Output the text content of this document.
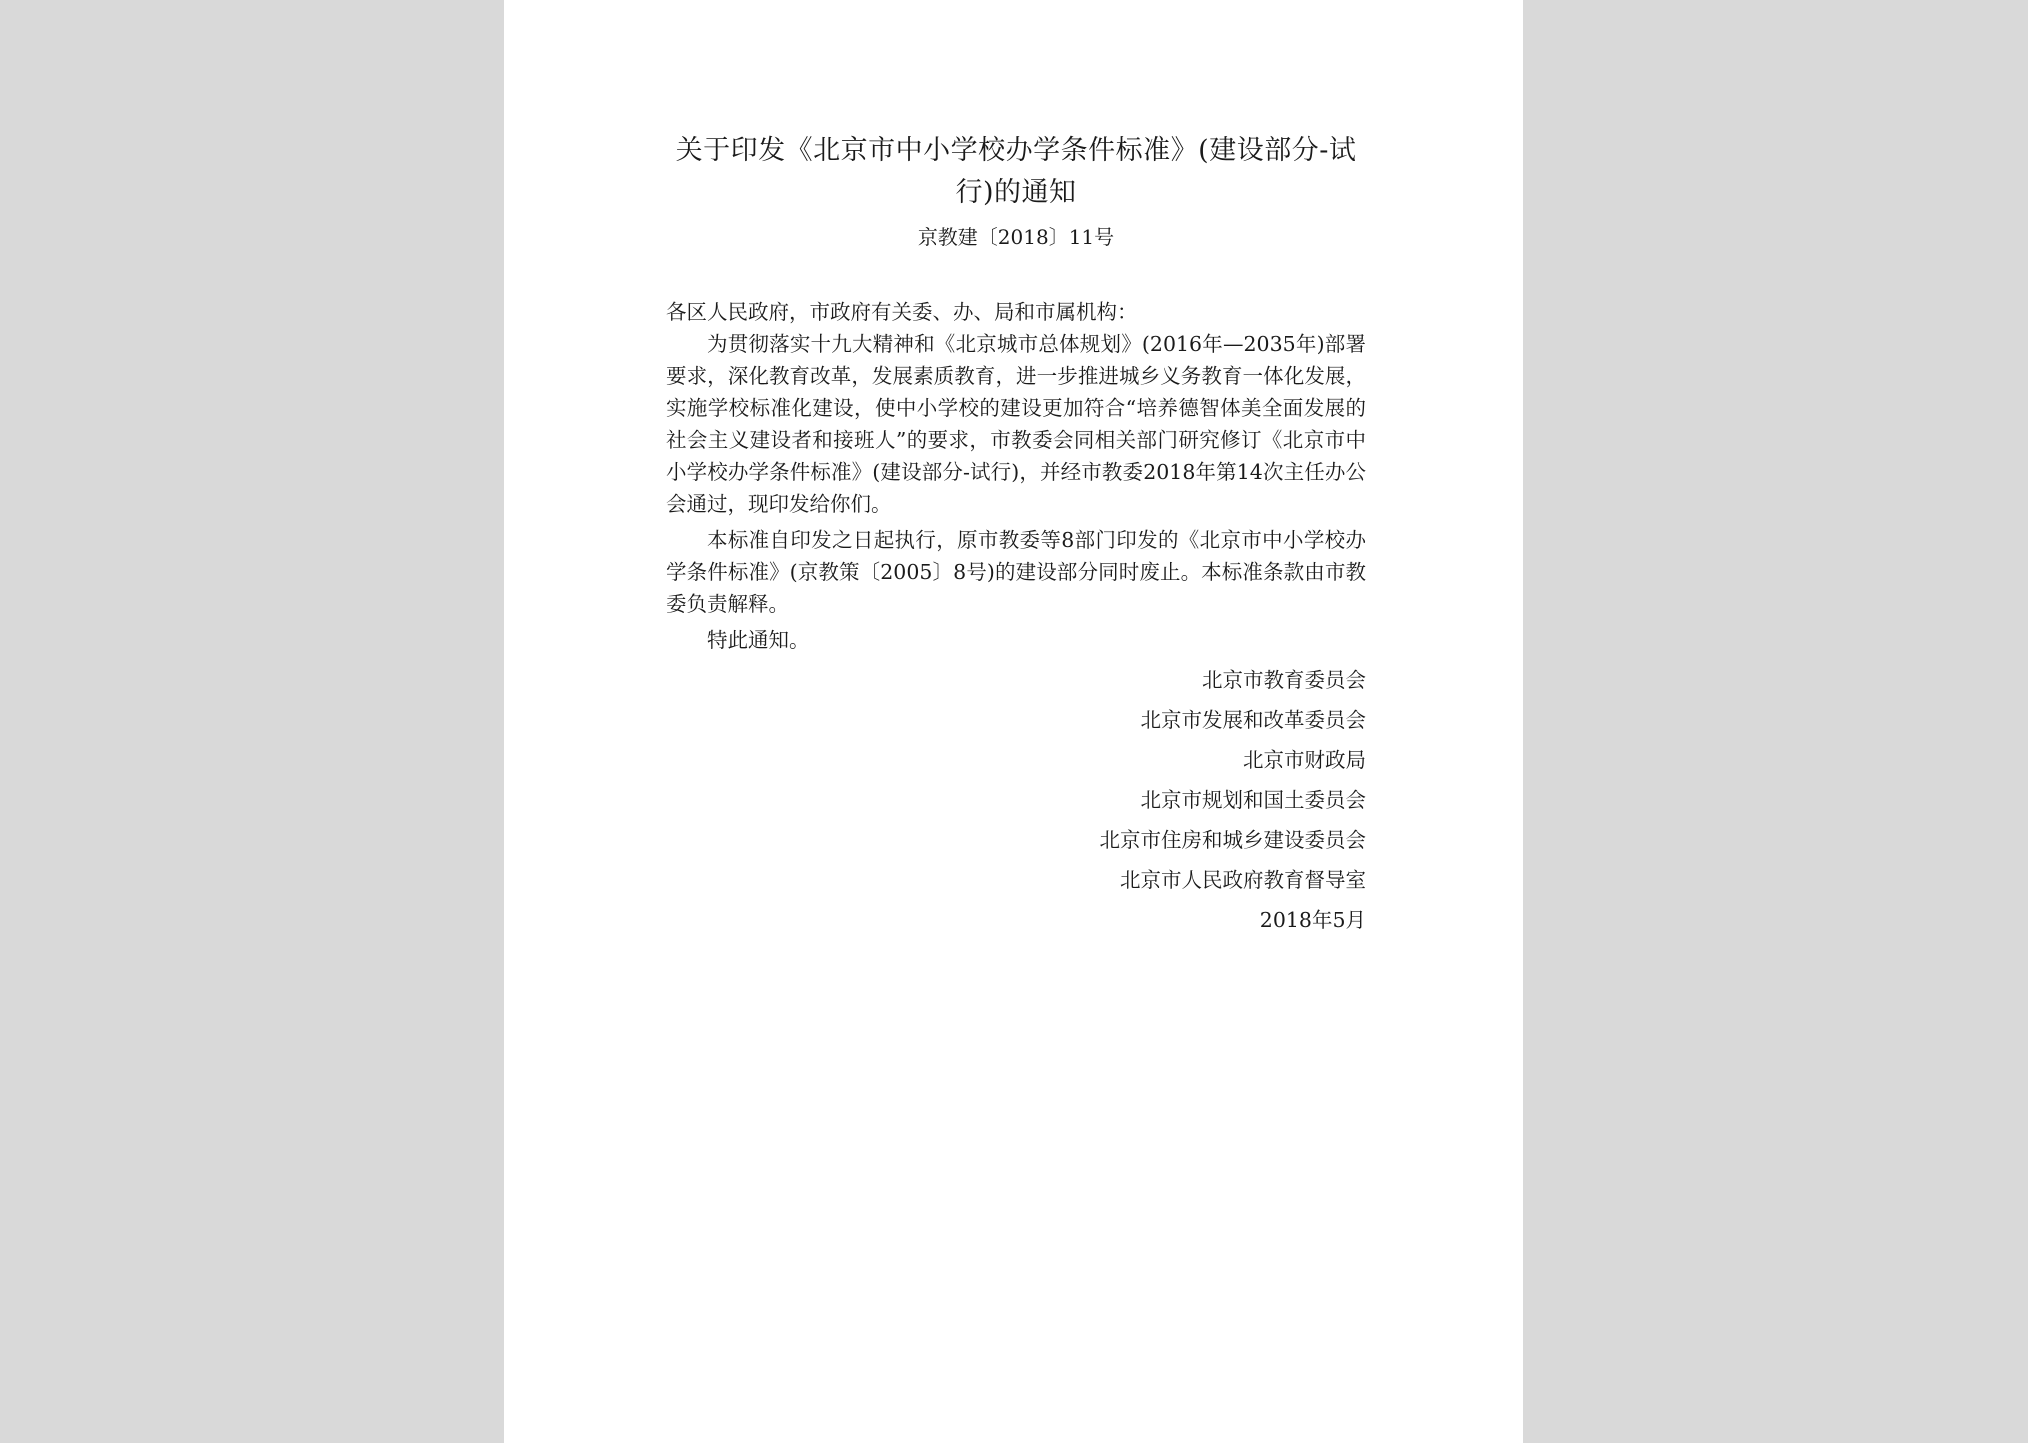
关于印发《北京市中小学校办学条件标准》(建设部分-试行)的通知
京教建〔2018〕11号
各区人民政府，市政府有关委、办、局和市属机构：

为贯彻落实十九大精神和《北京城市总体规划》(2016年—2035年)部署要求，深化教育改革，发展素质教育，进一步推进城乡义务教育一体化发展，实施学校标准化建设，使中小学校的建设更加符合“培养德智体美全面发展的社会主义建设者和接班人”的要求，市教委会同相关部门研究修订《北京市中小学校办学条件标准》(建设部分-试行)，并经市教委2018年第14次主任办公会通过，现印发给你们。

本标准自印发之日起执行，原市教委等8部门印发的《北京市中小学校办学条件标准》(京教策〔2005〕8号)的建设部分同时废止。本标准条款由市教委负责解释。

特此通知。

北京市教育委员会
北京市发展和改革委员会
北京市财政局
北京市规划和国土委员会
北京市住房和城乡建设委员会
北京市人民政府教育督导室
2018年5月
